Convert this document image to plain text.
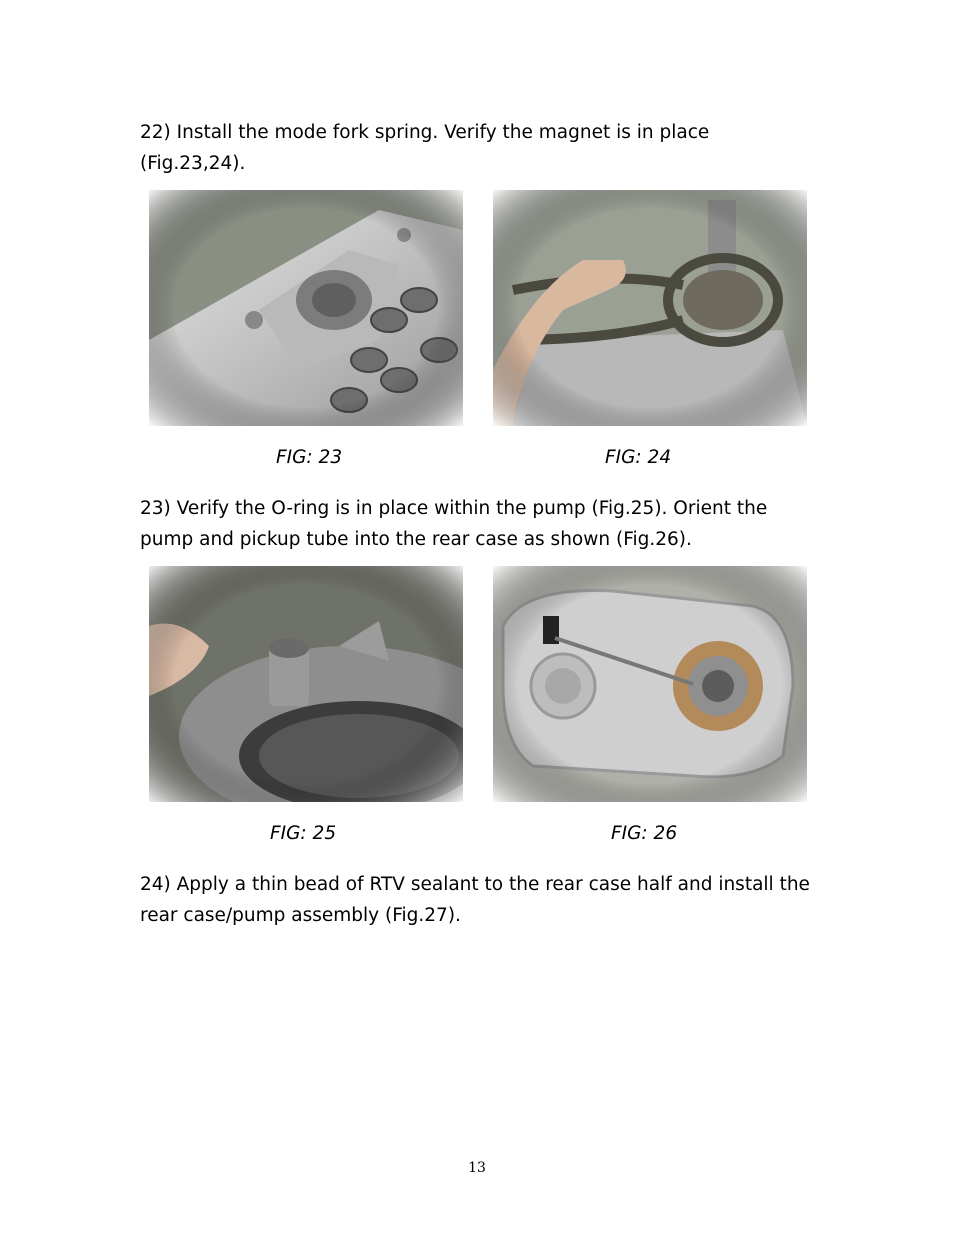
22) Install the mode fork spring. Verify the magnet is in place (Fig.23,24).

FIG: 23	FIG: 24

23) Verify the O-ring is in place within the pump (Fig.25). Orient the pump and pickup tube into the rear case as shown (Fig.26).

FIG: 25	FIG: 26

24) Apply a thin bead of RTV sealant to the rear case half and install the rear case/pump assembly (Fig.27).

13
